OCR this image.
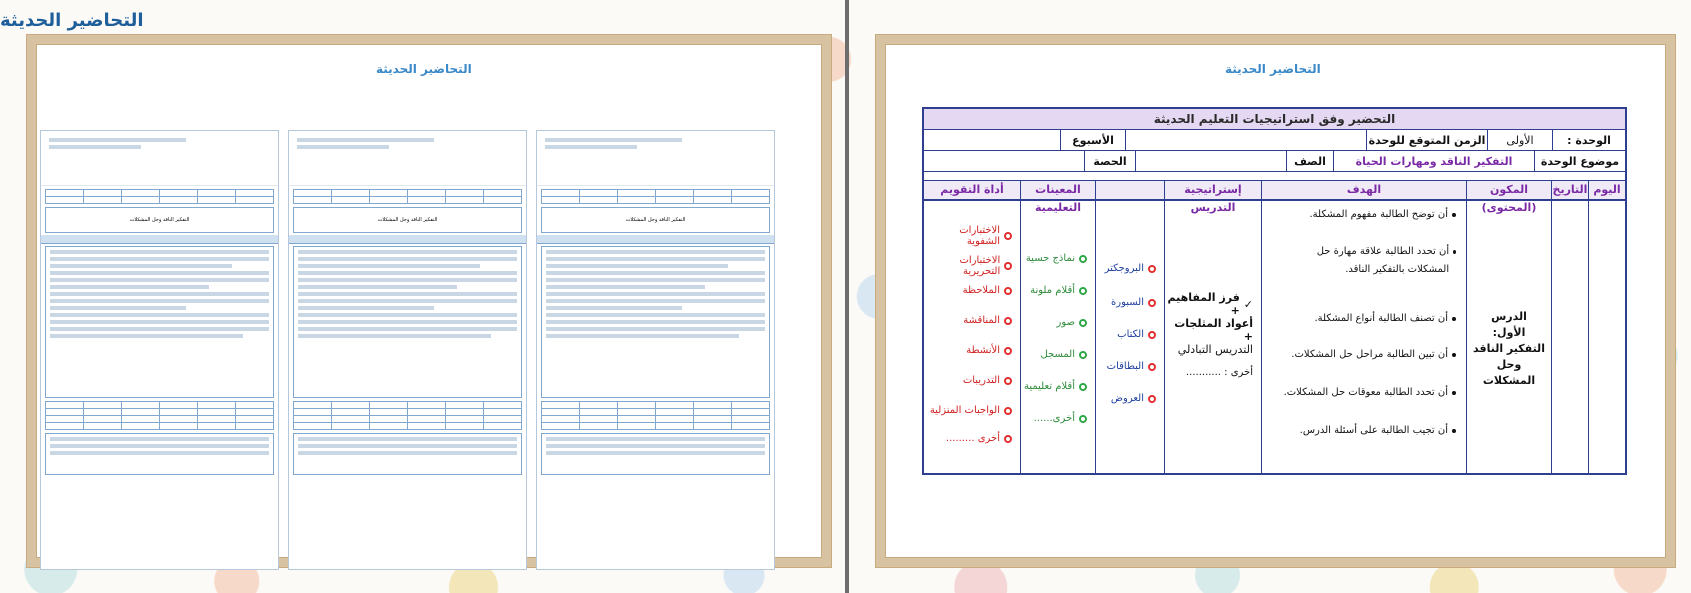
التحاضير الحديثة
التحاضير الحديثة
التفكير الناقد وحل المشكلات	التفكير الناقد وحل المشكلات	التفكير الناقد وحل المشكلات
التحاضير الحديثة
التحضير وفق استراتيجيات التعليم الحديثة
الوحدة :
الأولى
الزمن المتوقع للوحدة
الأسبوع
موضوع الوحدة
التفكير الناقد ومهارات الحياة
الصف
الحصة
اليوم
التاريخ
المكون (المحتوى)
الدرس الأول: التفكير الناقد وحل المشكلات
الهدف
أن توضح الطالبة مفهوم المشكلة.
أن تحدد الطالبة علاقة مهارة حل المشكلات بالتفكير الناقد.
أن تصنف الطالبة أنواع المشكلة.
أن تبين الطالبة مراحل حل المشكلات.
أن تحدد الطالبة معوقات حل المشكلات.
أن تجيب الطالبة على أسئلة الدرس.
إستراتيجية التدريس
✓
فرز المفاهيم +
أعواد المثلجات +
التدريس التبادلي
أخرى : ...........
البروجكتر
السبورة
الكتاب
البطاقات
العروض
المعينات التعليمية
نماذج حسية
أقلام ملونة
صور
المسجل
أقلام تعليمية
أخرى......
أداة التقويم
الاختبارات الشفوية
الاختبارات التحريرية
الملاحظة
المناقشة
الأنشطة
التدريبات
الواجبات المنزلية
أخرى .........
